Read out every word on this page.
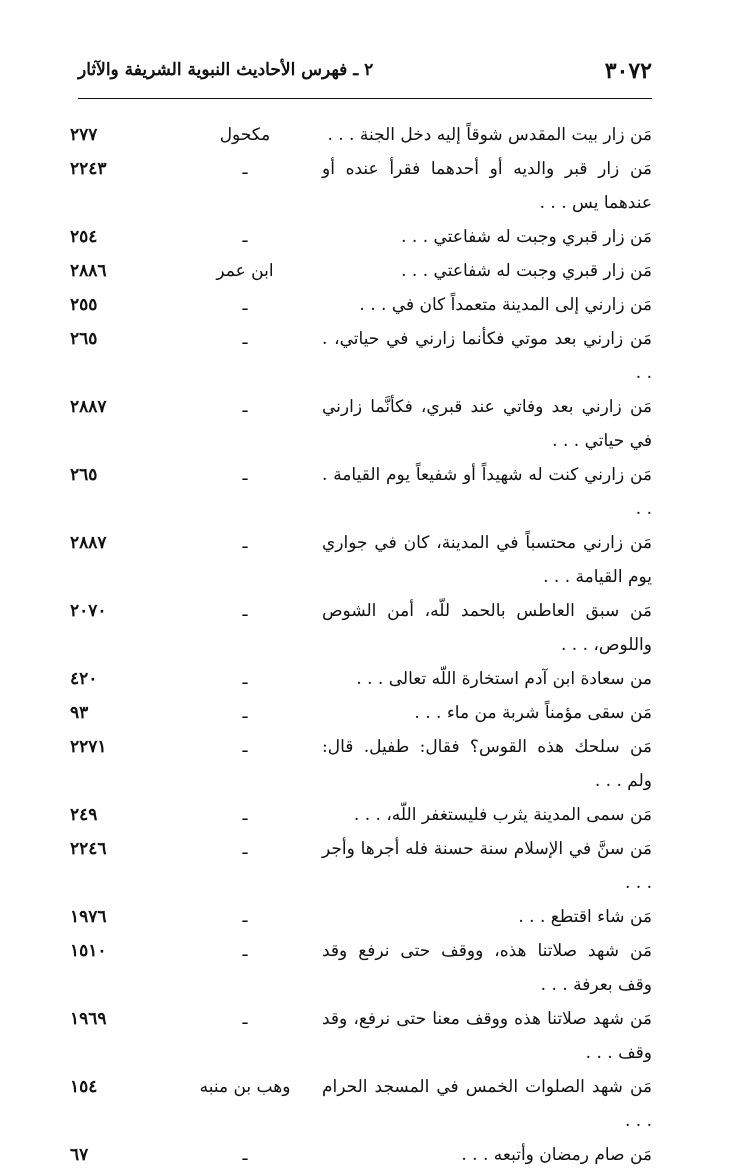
٣٠٧٢
٢ ـ فهرس الأحاديث النبوية الشريفة والآثار
مَن زار بيت المقدس شوقاً إليه دخل الجنة . . .
مكحول
٢٧٧
مَن زار قبر والديه أو أحدهما فقرأ عنده أو عندهما يس . . .
ـ
٢٢٤٣
مَن زار قبري وجبت له شفاعتي . . .
ـ
٢٥٤
مَن زار قبري وجبت له شفاعتي . . .
ابن عمر
٢٨٨٦
مَن زارني إلى المدينة متعمداً كان في . . .
ـ
٢٥٥
مَن زارني بعد موتي فكأنما زارني في حياتي، . . .
ـ
٢٦٥
مَن زارني بعد وفاتي عند قبري، فكأنَّما زارني في حياتي . . .
ـ
٢٨٨٧
مَن زارني كنت له شهيداً أو شفيعاً يوم القيامة . . .
ـ
٢٦٥
مَن زارني محتسباً في المدينة، كان في جواري يوم القيامة . . .
ـ
٢٨٨٧
مَن سبق العاطس بالحمد للّه، أمن الشوص واللوص، . . .
ـ
٢٠٧٠
من سعادة ابن آدم استخارة اللّه تعالى . . .
ـ
٤٢٠
مَن سقى مؤمناً شربة من ماء . . .
ـ
٩٣
مَن سلحك هذه القوس؟ فقال: طفيل. قال: ولم . . .
ـ
٢٢٧١
مَن سمى المدينة يثرب فليستغفر اللّه، . . .
ـ
٢٤٩
مَن سنَّ في الإسلام سنة حسنة فله أجرها وأجر . . .
ـ
٢٢٤٦
مَن شاء اقتطع . . .
ـ
١٩٧٦
مَن شهد صلاتنا هذه، ووقف حتى نرفع وقد وقف بعرفة . . .
ـ
١٥١٠
مَن شهد صلاتنا هذه ووقف معنا حتى نرفع، وقد وقف . . .
ـ
١٩٦٩
مَن شهد الصلوات الخمس في المسجد الحرام . . .
وهب بن منبه
١٥٤
مَن صام رمضان وأتبعه . . .
ـ
٦٧
